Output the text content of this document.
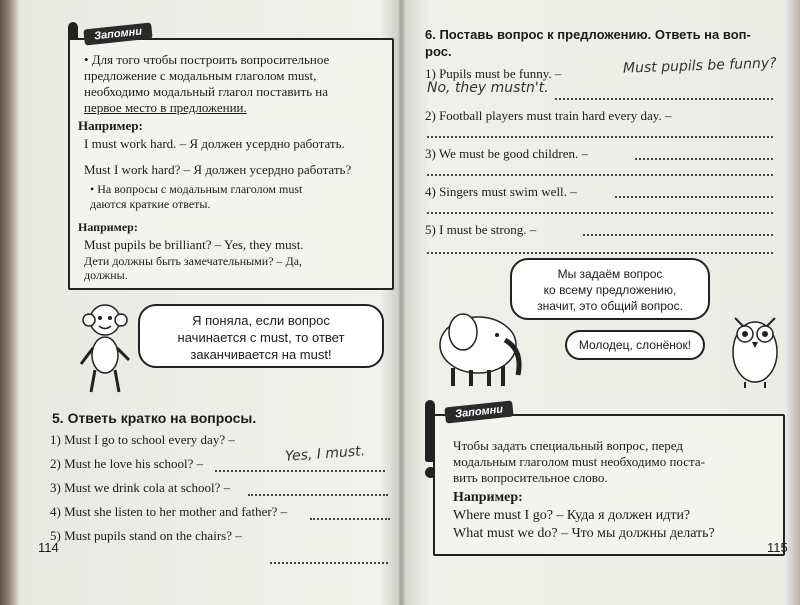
Запомни
• Для того чтобы построить вопросительное
предложение с модальным глаголом must,
необходимо модальный глагол поставить на
первое место в предложении.
Например:
I must work hard. – Я должен усердно работать.
Must I work hard? – Я должен усердно работать?
• На вопросы с модальным глаголом must
даются краткие ответы.
Например:
Must pupils be brilliant? – Yes, they must.
Дети должны быть замечательными? – Да,
должны.
Я поняла, если вопрос
начинается с must, то ответ
заканчивается на must!
5. Ответь кратко на вопросы.
1) Must I go to school every day? –
Yes, I must.
2) Must he love his school? –
3) Must we drink cola at school? –
4) Must she listen to her mother and father? –
5) Must pupils stand on the chairs? –
114
6. Поставь вопрос к предложению. Ответь на воп-
рос.
1) Pupils must be funny. –	Must pupils be funny?
No, they mustn't.
2) Football players must train hard every day. –
3) We must be good children. –
4) Singers must swim well. –
5) I must be strong. –
Мы задаём вопрос
ко всему предложению,
значит, это общий вопрос.
Молодец, слонёнок!
Запомни
Чтобы задать специальный вопрос, перед
модальным глаголом must необходимо поста-
вить вопросительное слово.
Например:
Where must I go? – Куда я должен идти?
What must we do? – Что мы должны делать?
115
